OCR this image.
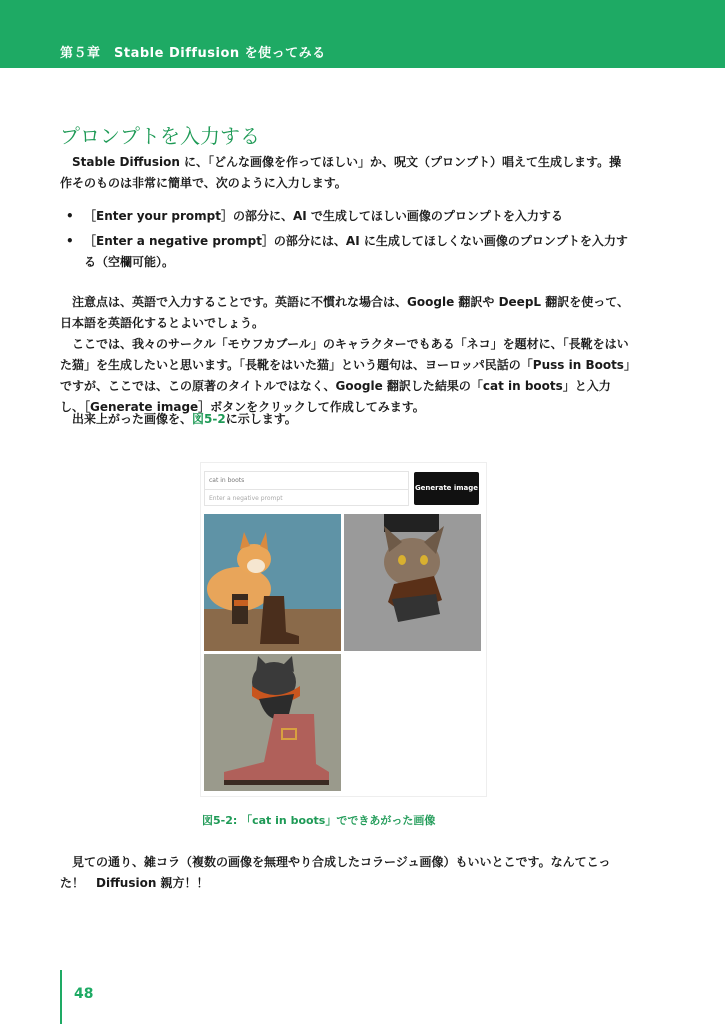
第５章　Stable Diffusion を使ってみる
プロンプトを入力する

Stable Diffusion に、「どんな画像を作ってほしい」か、呪文（プロンプト）唱えて生成します。操作そのものは非常に簡単で、次のように入力します。

• ［Enter your prompt］の部分に、AI で生成してほしい画像のプロンプトを入力する
• ［Enter a negative prompt］の部分には、AI に生成してほしくない画像のプロンプトを入力する（空欄可能）。

注意点は、英語で入力することです。英語に不慣れな場合は、Google 翻訳や DeepL 翻訳を使って、日本語を英語化するとよいでしょう。

ここでは、我々のサークル「モウフカブール」のキャラクターでもある「ネコ」を題材に、「長靴をはいた猫」を生成したいと思います。「長靴をはいた猫」という題句は、ヨーロッパ民話の「Puss in Boots」ですが、ここでは、この原著のタイトルではなく、Google 翻訳した結果の「cat in boots」と入力し、［Generate image］ボタンをクリックして作成してみます。

出来上がった画像を、図5-2に示します。

cat in boots
Enter a negative prompt
Generate image
図5-2: 「cat in boots」でできあがった画像

見ての通り、雑コラ（複数の画像を無理やり合成したコラージュ画像）もいいとこです。なんてこった！　Diffusion 親方！！

48
